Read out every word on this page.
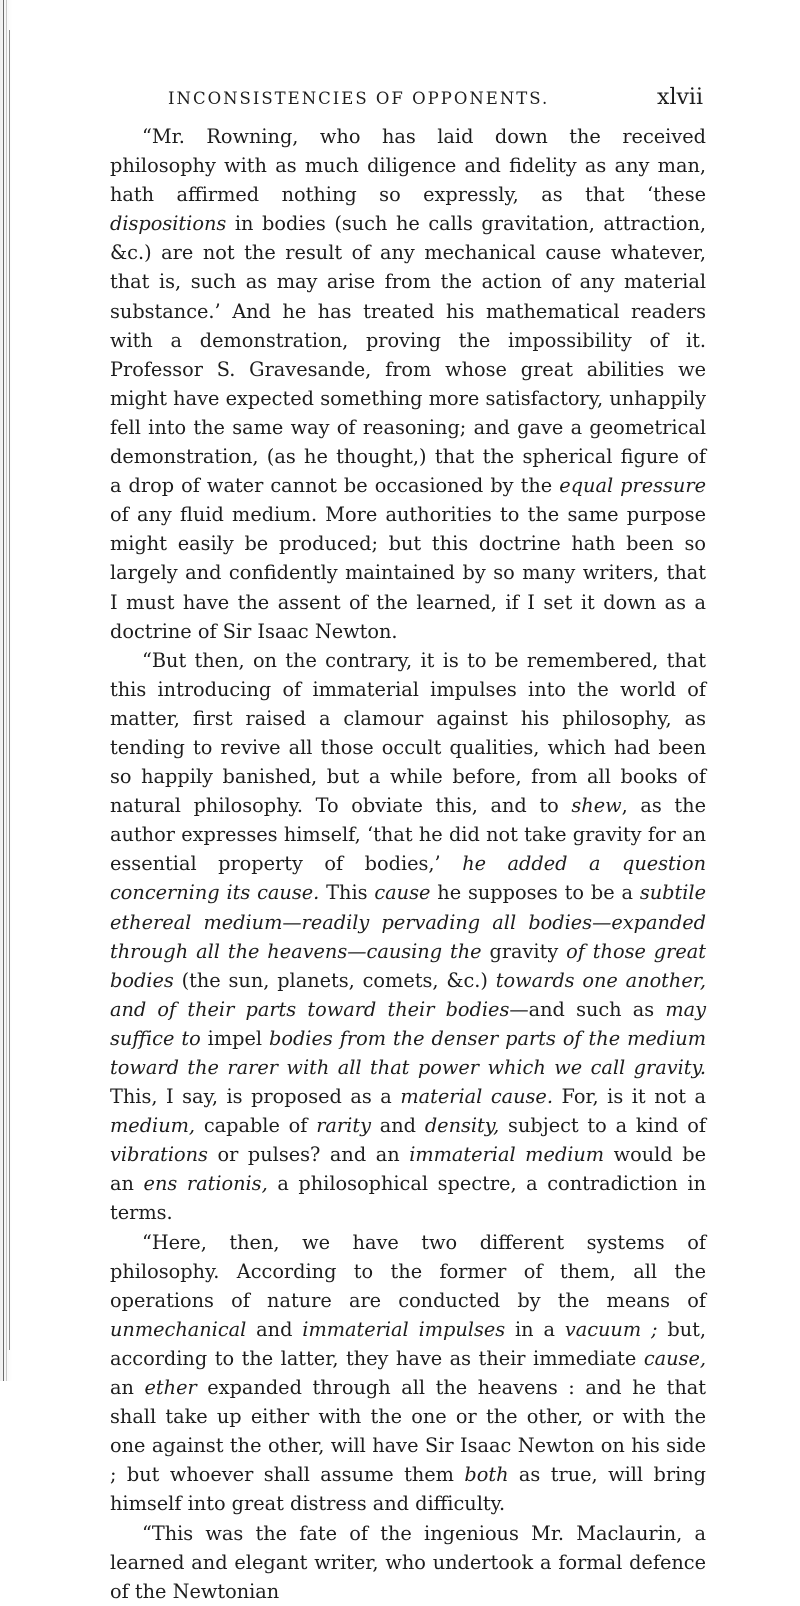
INCONSISTENCIES OF OPPONENTS.	xlvii

“Mr. Rowning, who has laid down the received philosophy with as much diligence and fidelity as any man, hath affirmed nothing so expressly, as that ‘these dispositions in bodies (such he calls gravitation, attraction, &c.) are not the result of any mechanical cause whatever, that is, such as may arise from the action of any material substance.’ And he has treated his mathematical readers with a demonstration, proving the impossibility of it. Professor S. Gravesande, from whose great abilities we might have expected something more satisfactory, unhappily fell into the same way of reasoning; and gave a geometrical demonstration, (as he thought,) that the spherical figure of a drop of water cannot be occasioned by the equal pressure of any fluid medium. More authorities to the same purpose might easily be produced; but this doctrine hath been so largely and confidently maintained by so many writers, that I must have the assent of the learned, if I set it down as a doctrine of Sir Isaac Newton.

“But then, on the contrary, it is to be remembered, that this introducing of immaterial impulses into the world of matter, first raised a clamour against his philosophy, as tending to revive all those occult qualities, which had been so happily banished, but a while before, from all books of natural philosophy. To obviate this, and to shew, as the author expresses himself, ‘that he did not take gravity for an essential property of bodies,’ he added a question concerning its cause. This cause he supposes to be a subtile ethereal medium—readily pervading all bodies—expanded through all the heavens—causing the gravity of those great bodies (the sun, planets, comets, &c.) towards one another, and of their parts toward their bodies—and such as may suffice to impel bodies from the denser parts of the medium toward the rarer with all that power which we call gravity. This, I say, is proposed as a material cause. For, is it not a medium, capable of rarity and density, subject to a kind of vibrations or pulses? and an immaterial medium would be an ens rationis, a philosophical spectre, a contradiction in terms.

“Here, then, we have two different systems of philosophy. According to the former of them, all the operations of nature are conducted by the means of unmechanical and immaterial impulses in a vacuum ; but, according to the latter, they have as their immediate cause, an ether expanded through all the heavens : and he that shall take up either with the one or the other, or with the one against the other, will have Sir Isaac Newton on his side ; but whoever shall assume them both as true, will bring himself into great distress and difficulty.

“This was the fate of the ingenious Mr. Maclaurin, a learned and elegant writer, who undertook a formal defence of the Newtonian
